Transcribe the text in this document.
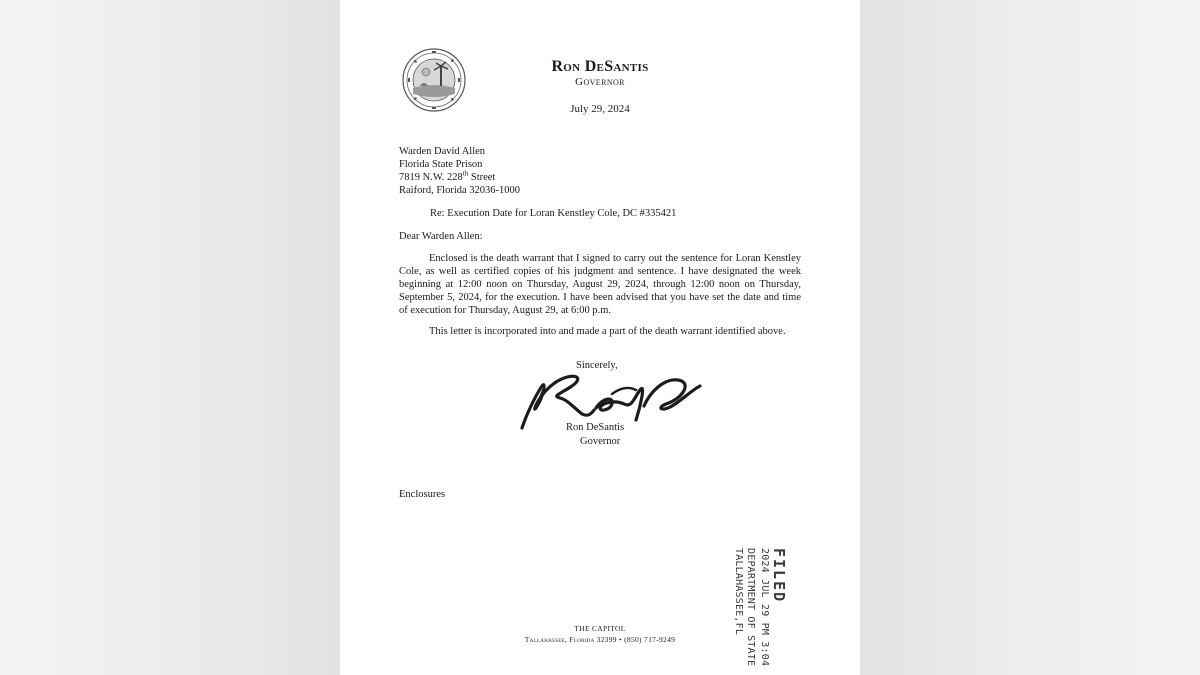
Ron DeSantis
Governor
July 29, 2024
Warden David Allen
Florida State Prison
7819 N.W. 228th Street
Raiford, Florida 32036-1000
Re: Execution Date for Loran Kenstley Cole, DC #335421
Dear Warden Allen:
Enclosed is the death warrant that I signed to carry out the sentence for Loran Kenstley Cole, as well as certified copies of his judgment and sentence. I have designated the week beginning at 12:00 noon on Thursday, August 29, 2024, through 12:00 noon on Thursday, September 5, 2024, for the execution. I have been advised that you have set the date and time of execution for Thursday, August 29, at 6:00 p.m.
This letter is incorporated into and made a part of the death warrant identified above.
Sincerely,
Ron DeSantis
Governor
Enclosures
FILED
2024 JUL 29 PM 3:04
DEPARTMENT OF STATE
TALLAHASSEE,FL
THE CAPITOL
Tallahassee, Florida 32399 • (850) 717-9249
